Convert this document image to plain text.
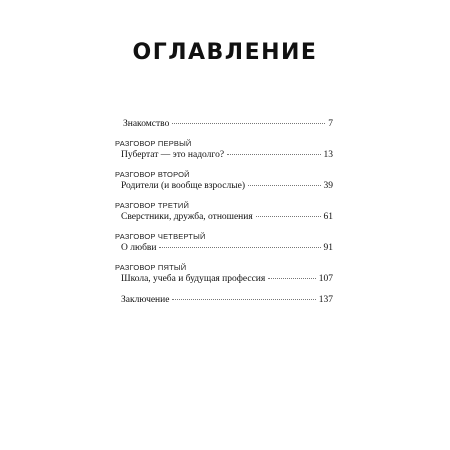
ОГЛАВЛЕНИЕ
Знакомство	7
РАЗГОВОР ПЕРВЫЙ
Пубертат — это надолго?	13
РАЗГОВОР ВТОРОЙ
Родители (и вообще взрослые)	39
РАЗГОВОР ТРЕТИЙ
Сверстники, дружба, отношения	61
РАЗГОВОР ЧЕТВЕРТЫЙ
О любви	91
РАЗГОВОР ПЯТЫЙ
Школа, учеба и будущая профессия	107
Заключение	137
